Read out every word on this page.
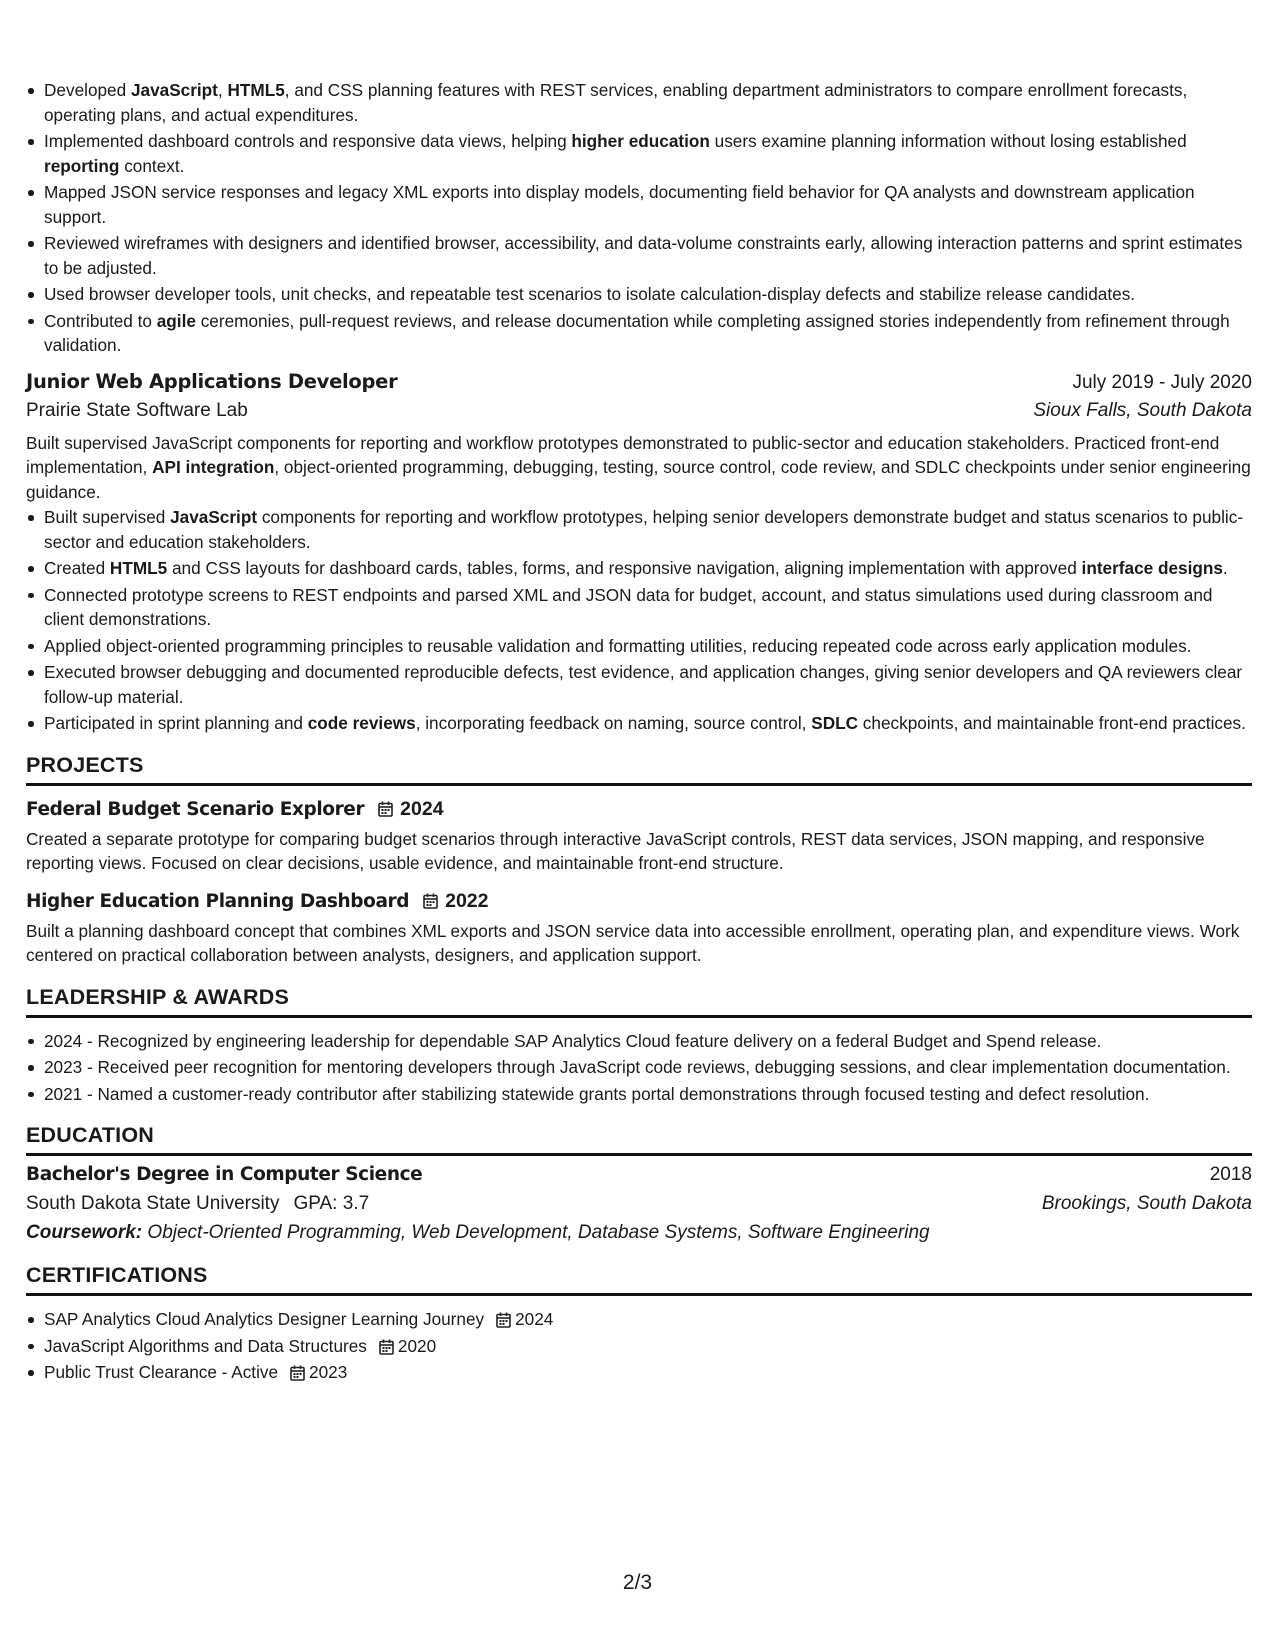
Developed JavaScript, HTML5, and CSS planning features with REST services, enabling department administrators to compare enrollment forecasts, operating plans, and actual expenditures.
Implemented dashboard controls and responsive data views, helping higher education users examine planning information without losing established reporting context.
Mapped JSON service responses and legacy XML exports into display models, documenting field behavior for QA analysts and downstream application support.
Reviewed wireframes with designers and identified browser, accessibility, and data-volume constraints early, allowing interaction patterns and sprint estimates to be adjusted.
Used browser developer tools, unit checks, and repeatable test scenarios to isolate calculation-display defects and stabilize release candidates.
Contributed to agile ceremonies, pull-request reviews, and release documentation while completing assigned stories independently from refinement through validation.
Junior Web Applications Developer	July 2019 - July 2020
Prairie State Software Lab	Sioux Falls, South Dakota

Built supervised JavaScript components for reporting and workflow prototypes demonstrated to public-sector and education stakeholders. Practiced front-end implementation, API integration, object-oriented programming, debugging, testing, source control, code review, and SDLC checkpoints under senior engineering guidance.

Built supervised JavaScript components for reporting and workflow prototypes, helping senior developers demonstrate budget and status scenarios to public-sector and education stakeholders.
Created HTML5 and CSS layouts for dashboard cards, tables, forms, and responsive navigation, aligning implementation with approved interface designs.
Connected prototype screens to REST endpoints and parsed XML and JSON data for budget, account, and status simulations used during classroom and client demonstrations.
Applied object-oriented programming principles to reusable validation and formatting utilities, reducing repeated code across early application modules.
Executed browser debugging and documented reproducible defects, test evidence, and application changes, giving senior developers and QA reviewers clear follow-up material.
Participated in sprint planning and code reviews, incorporating feedback on naming, source control, SDLC checkpoints, and maintainable front-end practices.
PROJECTS
Federal Budget Scenario Explorer 2024

Created a separate prototype for comparing budget scenarios through interactive JavaScript controls, REST data services, JSON mapping, and responsive reporting views. Focused on clear decisions, usable evidence, and maintainable front-end structure.

Higher Education Planning Dashboard 2022

Built a planning dashboard concept that combines XML exports and JSON service data into accessible enrollment, operating plan, and expenditure views. Work centered on practical collaboration between analysts, designers, and application support.

LEADERSHIP & AWARDS
2024 - Recognized by engineering leadership for dependable SAP Analytics Cloud feature delivery on a federal Budget and Spend release.
2023 - Received peer recognition for mentoring developers through JavaScript code reviews, debugging sessions, and clear implementation documentation.
2021 - Named a customer-ready contributor after stabilizing statewide grants portal demonstrations through focused testing and defect resolution.
EDUCATION
Bachelor's Degree in Computer Science	2018
South Dakota State University GPA: 3.7	Brookings, South Dakota

Coursework: Object-Oriented Programming, Web Development, Database Systems, Software Engineering

CERTIFICATIONS
SAP Analytics Cloud Analytics Designer Learning Journey 2024
JavaScript Algorithms and Data Structures 2020
Public Trust Clearance - Active 2023
2/3
